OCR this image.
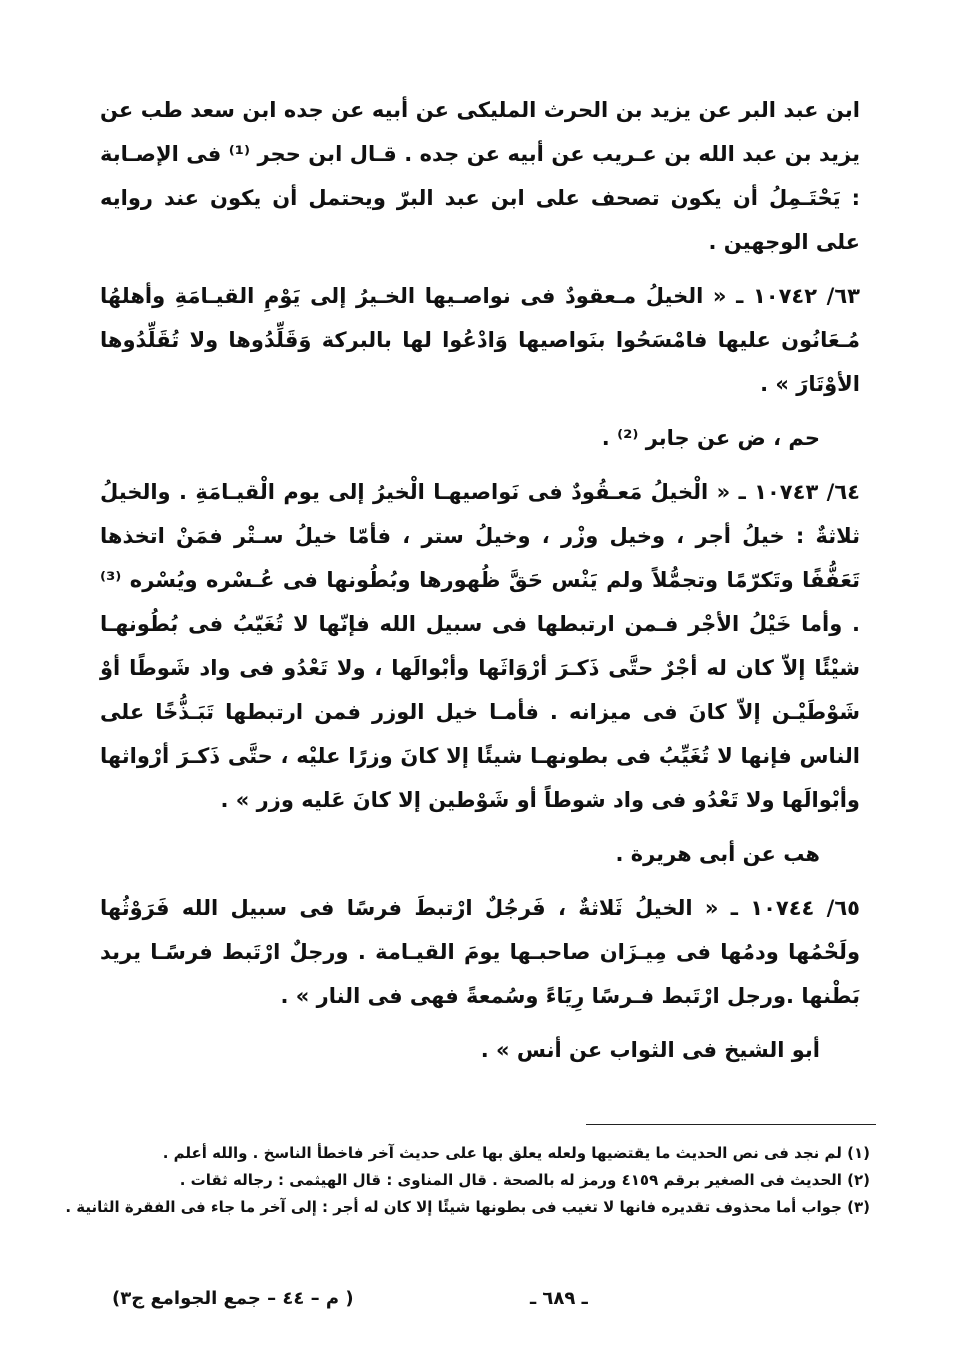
ابن عبد البر عن يزيد بن الحرث المليكى عن أبيه عن جده ابن سعد طب عن يزيد بن عبد الله بن عـريب عن أبيه عن جده . قـال ابن حجر ⁽¹⁾ فى الإصـابة : يَحْتَـمِلُ أن يكون تصحف على ابن عبد البرّ ويحتمل أن يكون عند روايه على الوجهين .

٦٣/ ١٠٧٤٢ ـ « الخيلُ مـعقودٌ فى نواصـيها الخـيرُ إلى يَوْمِ القيـامَةِ وأهلهُا مُـعَانُون عليها فامْسَحُوا بنَواصيها وَادْعُوا لها بالبركة وَقَلِّدُوها ولا تُقَلِّدُوها الأوْتَارَ » .

حم ، ض عن جابر ⁽²⁾ .

٦٤/ ١٠٧٤٣ ـ « الْخيلُ مَعـقُودٌ فى نَواصيهـا الْخيرُ إلى يوم الْقيـامَةِ . والخيلُ ثلاثةٌ : خيلُ أجر ، وخيل وزْر ، وخيلُ ستر ، فأمّا خيلُ سـتْر فمَنْ اتخذها تَعَفُّفًا وتَكرّمًا وتجمُّلاً ولم يَنْس حَقَّ ظُهورها وبُطُونها فى عُـسْره ويُسْره ⁽³⁾ . وأما خَيْلُ الأجْر فـمن ارتبطها فى سبيل الله فإنّها لا تُغَيّبُ فى بُطُونهـا شيْئًا إلاّ كان له أجْرٌ حتَّى ذَكـرَ أرْوَاثَها وأبْوالَها ، ولا تَعْدُو فى واد شَوطًا أوْ شَوْطَيْـن إلاّ كانَ فى ميزانه . فأمـا خيل الوزر فمن ارتبطها تَبَـذُّخًا على الناس فإنها لا تُغَيِّبُ فى بطونهـا شيئًا إلا كانَ وزرًا عليْه ، حتَّى ذَكـرَ أرْواثها وأبْوالَها ولا تَعْدُو فى واد شوطاً أو شَوْطين إلا كانَ عَليه وزر » .

هب عن أبى هريرة .

٦٥/ ١٠٧٤٤ ـ « الخيلُ ثَلاثةٌ ، فَرجُلٌ ارْتبطَ فرسًا فى سبيل الله فَرَوْثُها ولَحْمُها ودمُها فى مِيـزَان صاحبـها يومَ القيـامة . ورجلٌ ارْتَبط فرسًـا يريد بَطْنها .ورجل ارْتَبط فـرسًا رِيَاءً وسُمعةً فهى فى النار » .

أبو الشيخ فى الثواب عن أنس » .

(١) لم نجد فى نص الحديث ما يقتضيها ولعله يعلق بها على حديث آخر فاخطأ الناسخ . والله أعلم .

(٢) الحديث فى الصغير برقم ٤١٥٩ ورمز له بالصحة . قال المناوى : قال الهيثمى : رجاله ثقات .

(٣) جواب أما محذوف تقديره فانها لا تغيب فى بطونها شيئًا إلا كان له أجر : إلى آخر ما جاء فى الفقرة الثانية .

( م – ٤٤ – جمع الجوامع ج٣)	ـ ٦٨٩ ـ
